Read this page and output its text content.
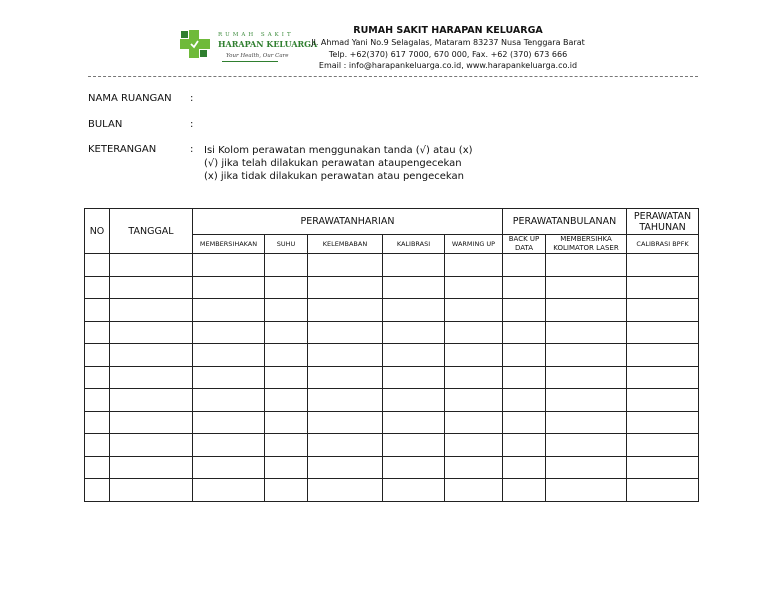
RUMAH SAKIT
HARAPAN KELUARGA
Your Health, Our Care
RUMAH SAKIT HARAPAN KELUARGA
Jl. Ahmad Yani No.9 Selagalas, Mataram 83237 Nusa Tenggara Barat
Telp. +62(370) 617 7000, 670 000, Fax. +62 (370) 673 666
Email : info@harapankeluarga.co.id, www.harapankeluarga.co.id
NAMA RUANGAN :
BULAN	:
KETERANGAN	: Isi Kolom perawatan menggunakan tanda (√) atau (x)
(√) jika telah dilakukan perawatan ataupengecekan
(x) jika tidak dilakukan perawatan atau pengecekan
NO	TANGGAL	PERAWATANHARIAN					PERAWATANBULANAN		PERAWATAN TAHUNAN
		MEMBERSIHAKAN	SUHU	KELEMBABAN	KALIBRASI	WARMING UP	BACK UP DATA	MEMBERSIHKA KOLIMATOR LASER	CALIBRASI BPFK
